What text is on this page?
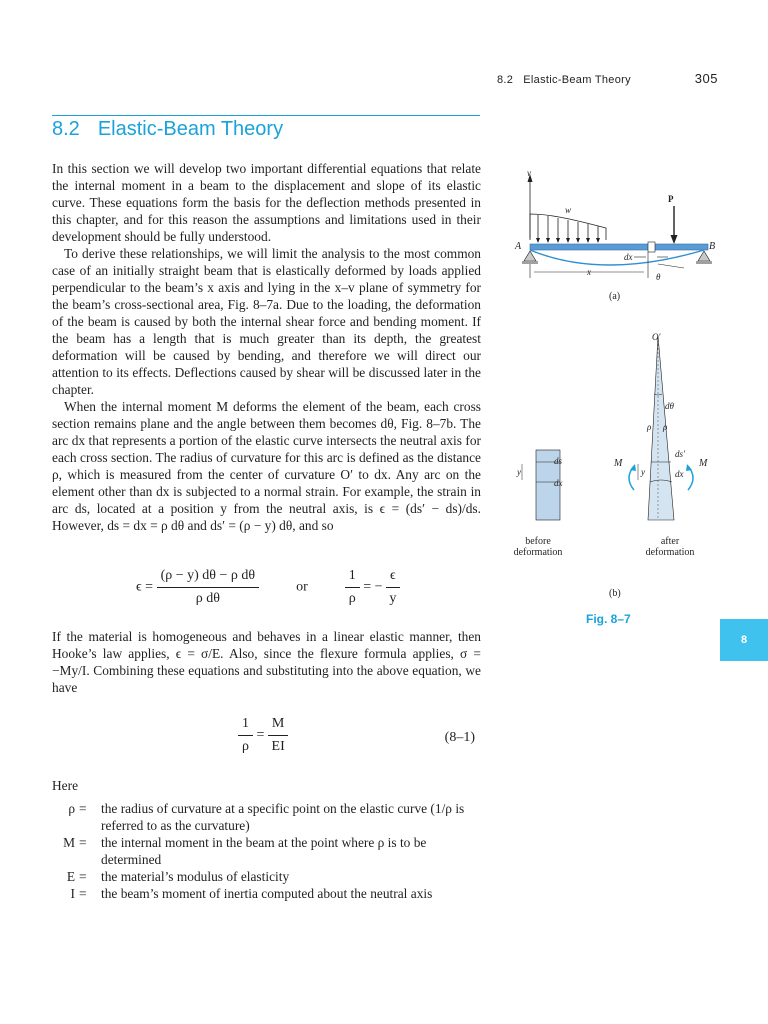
8.2 Elastic-Beam Theory	305
8.2 Elastic-Beam Theory

In this section we will develop two important differential equations that relate the internal moment in a beam to the displacement and slope of its elastic curve. These equations form the basis for the deflection methods presented in this chapter, and for this reason the assumptions and limitations used in their development should be fully understood.

To derive these relationships, we will limit the analysis to the most common case of an initially straight beam that is elastically deformed by loads applied perpendicular to the beam’s x axis and lying in the x–v plane of symmetry for the beam’s cross-sectional area, Fig. 8–7a. Due to the loading, the deformation of the beam is caused by both the internal shear force and bending moment. If the beam has a length that is much greater than its depth, the greatest deformation will be caused by bending, and therefore we will direct our attention to its effects. Deflections caused by shear will be discussed later in the chapter.

When the internal moment M deforms the element of the beam, each cross section remains plane and the angle between them becomes dθ, Fig. 8–7b. The arc dx that represents a portion of the elastic curve intersects the neutral axis for each cross section. The radius of curvature for this arc is defined as the distance ρ, which is measured from the center of curvature O′ to dx. Any arc on the element other than dx is subjected to a normal strain. For example, the strain in arc ds, located at a position y from the neutral axis, is ϵ = (ds′ − ds)/ds. However, ds = dx = ρ dθ and ds′ = (ρ − y) dθ, and so

$\epsilon = \frac{\text{(ρ − y) dθ − ρ dθ}}{\text{ρ dθ}}$	or	$\frac{1}{\rho}$ = − $\frac{\epsilon}{y}$

If the material is homogeneous and behaves in a linear elastic manner, then Hooke’s law applies, ϵ = σ/E. Also, since the flexure formula applies, σ = −My/I. Combining these equations and substituting into the above equation, we have

$\frac{1}{\rho} = \frac{M}{EI}$	(8–1)
Here
ρ =	the radius of curvature at a specific point on the elastic curve (1/ρ is referred to as the curvature)
M =	the internal moment in the beam at the point where ρ is to be determined
E =	the material’s modulus of elasticity
I =	the beam’s moment of inertia computed about the neutral axis
v
w
P
A	B
dx
x	θ
(a)
O′
dθ
ρ ρ
ds
dx
y
ds′
dx
y
M	M
before
deformation
after
deformation
(b)
Fig. 8–7
8
